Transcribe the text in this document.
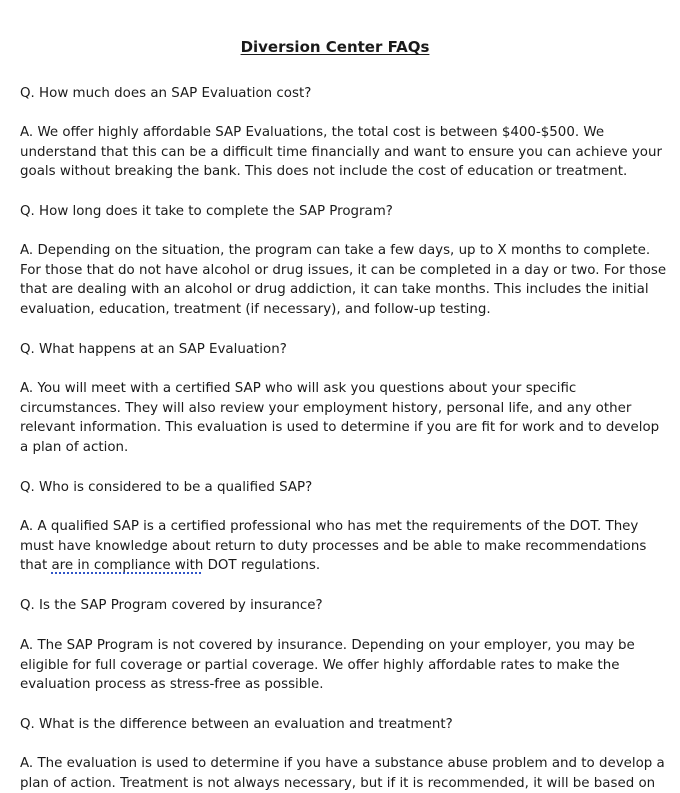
Diversion Center FAQs

Q. How much does an SAP Evaluation cost?

A. We offer highly affordable SAP Evaluations, the total cost is between $400-$500. We
understand that this can be a difficult time financially and want to ensure you can achieve your
goals without breaking the bank. This does not include the cost of education or treatment.

Q. How long does it take to complete the SAP Program?

A. Depending on the situation, the program can take a few days, up to X months to complete.
For those that do not have alcohol or drug issues, it can be completed in a day or two. For those
that are dealing with an alcohol or drug addiction, it can take months. This includes the initial
evaluation, education, treatment (if necessary), and follow-up testing.

Q. What happens at an SAP Evaluation?

A. You will meet with a certified SAP who will ask you questions about your specific
circumstances. They will also review your employment history, personal life, and any other
relevant information. This evaluation is used to determine if you are fit for work and to develop
a plan of action.

Q. Who is considered to be a qualified SAP?

A. A qualified SAP is a certified professional who has met the requirements of the DOT. They
must have knowledge about return to duty processes and be able to make recommendations
that are in compliance with DOT regulations.

Q. Is the SAP Program covered by insurance?

A. The SAP Program is not covered by insurance. Depending on your employer, you may be
eligible for full coverage or partial coverage. We offer highly affordable rates to make the
evaluation process as stress-free as possible.

Q. What is the difference between an evaluation and treatment?

A. The evaluation is used to determine if you have a substance abuse problem and to develop a
plan of action. Treatment is not always necessary, but if it is recommended, it will be based on
